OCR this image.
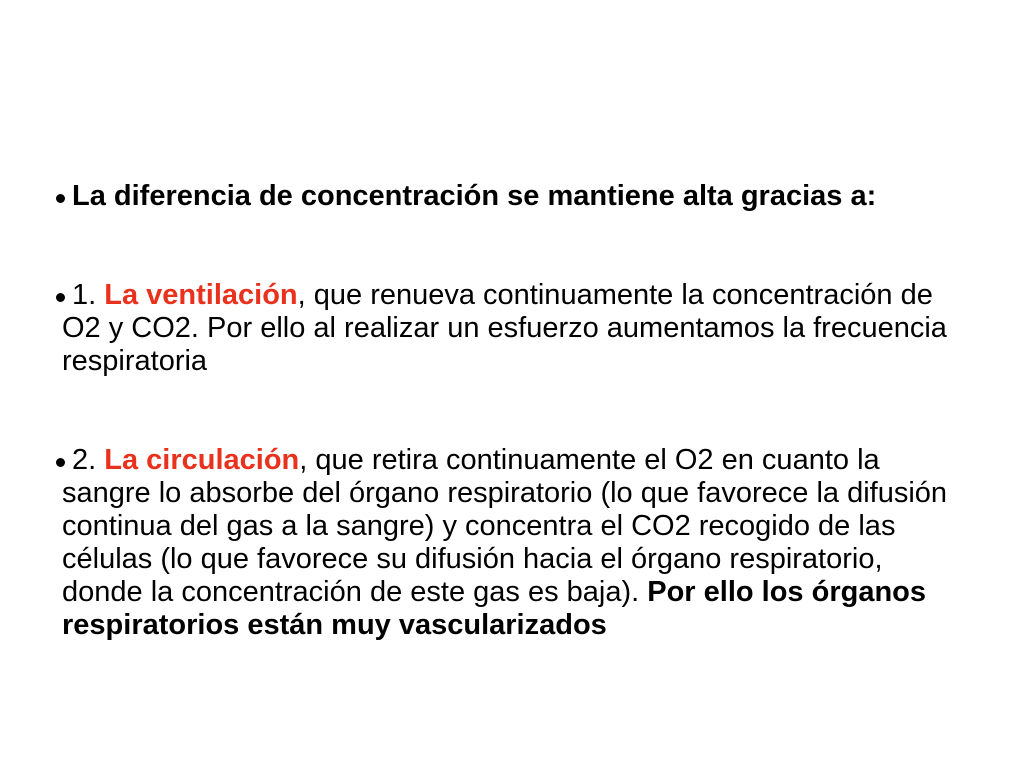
La diferencia de concentración se mantiene alta gracias a:
1. La ventilación, que renueva continuamente la concentración de O2 y CO2. Por ello al realizar un esfuerzo aumentamos la frecuencia respiratoria
2. La circulación, que retira continuamente el O2 en cuanto la sangre lo absorbe del órgano respiratorio (lo que favorece la difusión continua del gas a la sangre) y concentra el CO2 recogido de las células (lo que favorece su difusión hacia el órgano respiratorio, donde la concentración de este gas es baja). Por ello los órganos respiratorios están muy vascularizados
